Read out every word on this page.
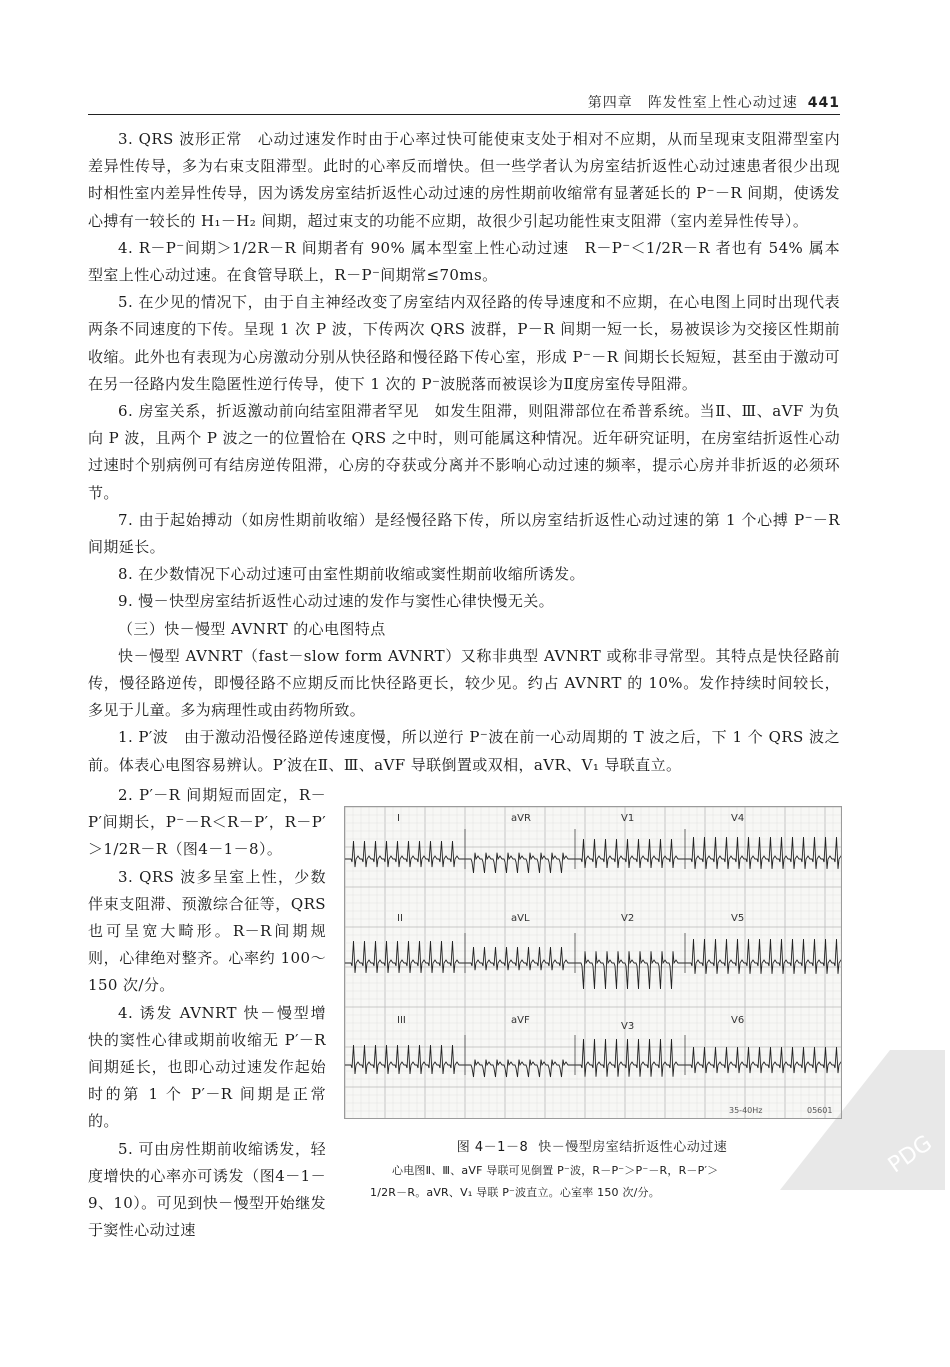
第四章　阵发性室上性心动过速 441

3. QRS 波形正常　心动过速发作时由于心率过快可能使束支处于相对不应期，从而呈现束支阻滞型室内差异性传导，多为右束支阻滞型。此时的心率反而增快。但一些学者认为房室结折返性心动过速患者很少出现时相性室内差异性传导，因为诱发房室结折返性心动过速的房性期前收缩常有显著延长的 P⁻－R 间期，使诱发心搏有一较长的 H₁－H₂ 间期，超过束支的功能不应期，故很少引起功能性束支阻滞（室内差异性传导）。

4. R－P⁻间期＞1/2R－R 间期者有 90% 属本型室上性心动过速　R－P⁻＜1/2R－R 者也有 54% 属本型室上性心动过速。在食管导联上，R－P⁻间期常≤70ms。

5. 在少见的情况下，由于自主神经改变了房室结内双径路的传导速度和不应期，在心电图上同时出现代表两条不同速度的下传。呈现 1 次 P 波，下传两次 QRS 波群，P－R 间期一短一长，易被误诊为交接区性期前收缩。此外也有表现为心房激动分别从快径路和慢径路下传心室，形成 P⁻－R 间期长长短短，甚至由于激动可在另一径路内发生隐匿性逆行传导，使下 1 次的 P⁻波脱落而被误诊为Ⅱ度房室传导阻滞。

6. 房室关系，折返激动前向结室阻滞者罕见　如发生阻滞，则阻滞部位在希普系统。当Ⅱ、Ⅲ、aVF 为负向 P 波，且两个 P 波之一的位置恰在 QRS 之中时，则可能属这种情况。近年研究证明，在房室结折返性心动过速时个别病例可有结房逆传阻滞，心房的夺获或分离并不影响心动过速的频率，提示心房并非折返的必须环节。

7. 由于起始搏动（如房性期前收缩）是经慢径路下传，所以房室结折返性心动过速的第 1 个心搏 P⁻－R 间期延长。

8. 在少数情况下心动过速可由室性期前收缩或窦性期前收缩所诱发。

9. 慢－快型房室结折返性心动过速的发作与窦性心律快慢无关。

（三）快－慢型 AVNRT 的心电图特点

快－慢型 AVNRT（fast－slow form AVNRT）又称非典型 AVNRT 或称非寻常型。其特点是快径路前传，慢径路逆传，即慢径路不应期反而比快径路更长，较少见。约占 AVNRT 的 10%。发作持续时间较长，多见于儿童。多为病理性或由药物所致。

1. P′波　由于激动沿慢径路逆传速度慢，所以逆行 P⁻波在前一心动周期的 T 波之后，下 1 个 QRS 波之前。体表心电图容易辨认。P′波在Ⅱ、Ⅲ、aVF 导联倒置或双相，aVR、V₁ 导联直立。

2. P′－R 间期短而固定，R－P′间期长，P⁻－R＜R－P′，R－P′＞1/2R－R（图4－1－8）。

3. QRS 波多呈室上性，少数伴束支阻滞、预激综合征等，QRS 也可呈宽大畸形。R－R间期规则，心律绝对整齐。心率约 100～150 次/分。

4. 诱发 AVNRT 快－慢型增快的窦性心律或期前收缩无 P′－R 间期延长，也即心动过速发作起始时的第 1 个 P′－R 间期是正常的。

5. 可由房性期前收缩诱发，轻度增快的心率亦可诱发（图4－1－9、10）。可见到快－慢型开始继发于窦性心动过速

I	aVR	V1	V4
II	aVL	V2	V5
III	aVF
V3
V6
35-40Hz	05601
图 4－1－8 快－慢型房室结折返性心动过速

心电图Ⅱ、Ⅲ、aVF 导联可见倒置 P⁻波，R－P⁻＞P⁻－R，R－P′＞

1/2R－R。aVR、V₁ 导联 P⁻波直立。心室率 150 次/分。
PDG
